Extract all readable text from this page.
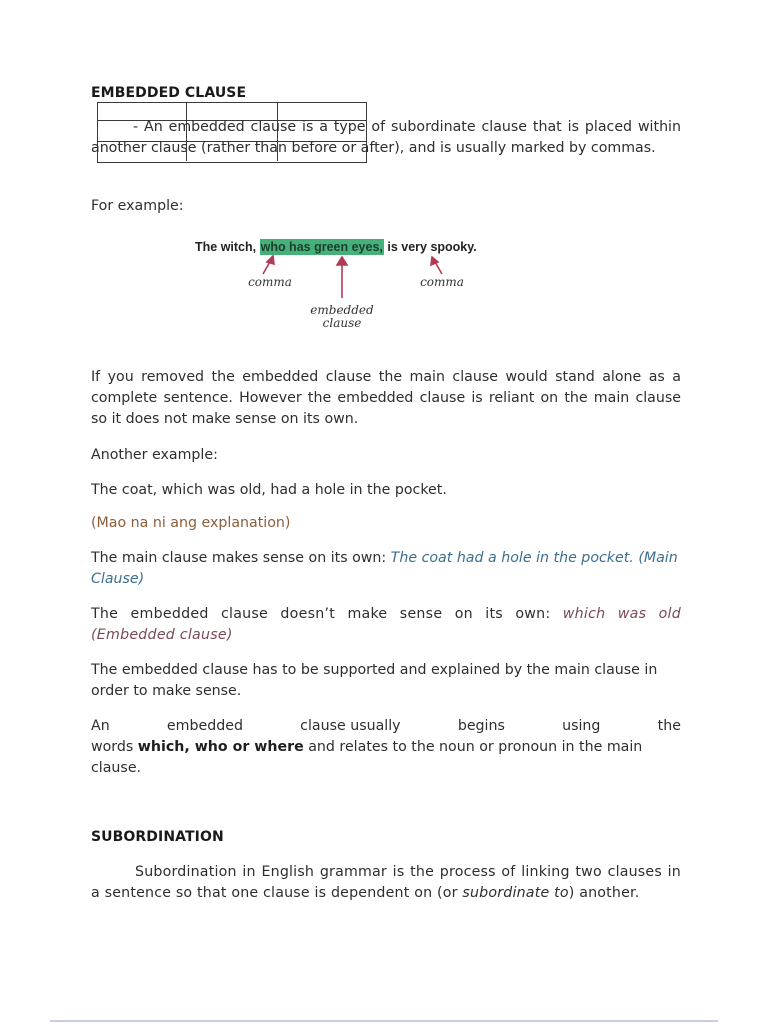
EMBEDDED CLAUSE

- An embedded clause is a type of subordinate clause that is placed within another clause (rather than before or after), and is usually marked by commas.

For example:

If you removed the embedded clause the main clause would stand alone as a complete sentence. However the embedded clause is reliant on the main clause so it does not make sense on its own.

Another example:

The coat, which was old, had a hole in the pocket.

(Mao na ni ang explanation)

The main clause makes sense on its own: The coat had a hole in the pocket. (Main Clause)

The embedded clause doesn’t make sense on its own: which was old (Embedded clause)

The embedded clause has to be supported and explained by the main clause in order to make sense.

An	embedded	clause usually	begins	using	the

words which, who or where and relates to the noun or pronoun in the main clause.

SUBORDINATION

Subordination in English grammar is the process of linking two clauses in a sentence so that one clause is dependent on (or subordinate to) another.

The witch, who has green eyes, is very spooky.
comma	comma
embedded
clause
